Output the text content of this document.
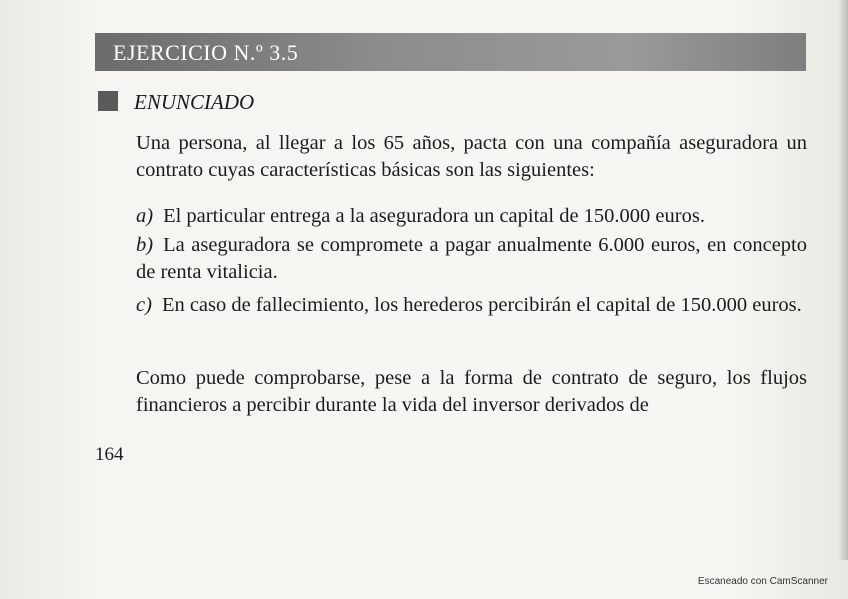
EJERCICIO N.º 3.5
ENUNCIADO

Una persona, al llegar a los 65 años, pacta con una compañía aseguradora un contrato cuyas características básicas son las siguientes:

a) El particular entrega a la aseguradora un capital de 150.000 euros.

b) La aseguradora se compromete a pagar anualmente 6.000 euros, en concepto de renta vitalicia.

c) En caso de fallecimiento, los herederos percibirán el capital de 150.000 euros.

Como puede comprobarse, pese a la forma de contrato de seguro, los flujos financieros a percibir durante la vida del inversor derivados de

164
Escaneado con CamScanner
